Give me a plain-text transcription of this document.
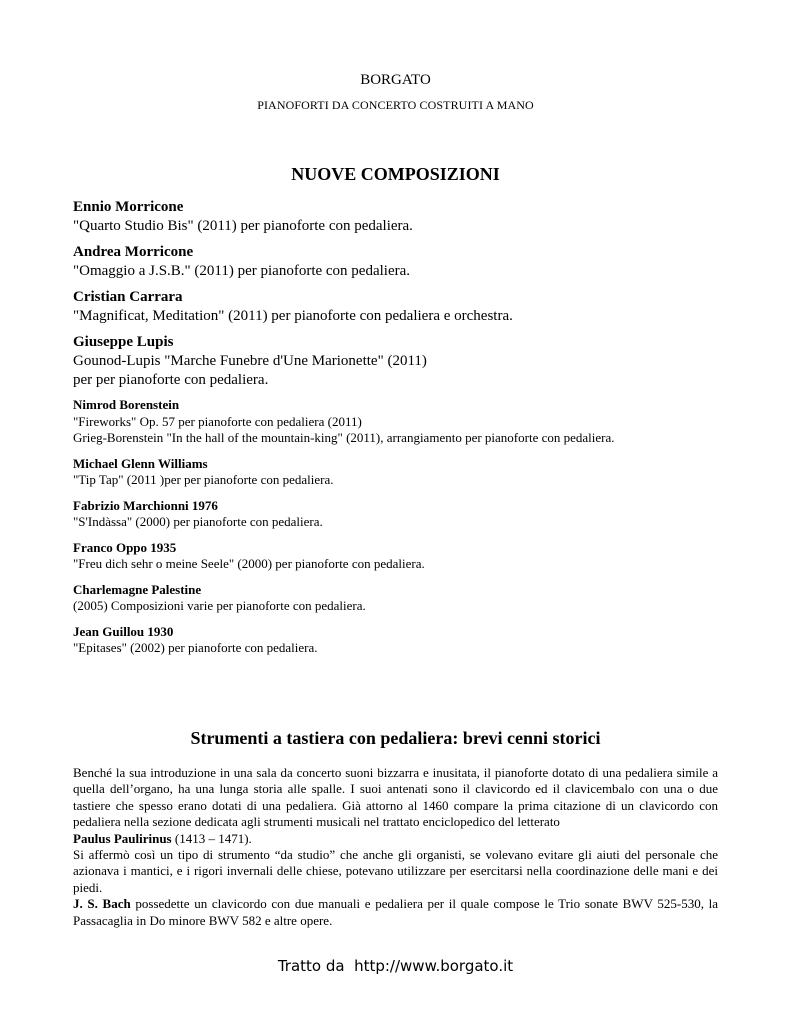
BORGATO
PIANOFORTI DA CONCERTO COSTRUITI A MANO
NUOVE COMPOSIZIONI
Ennio Morricone
"Quarto Studio Bis" (2011) per pianoforte con pedaliera.
Andrea Morricone
"Omaggio a J.S.B." (2011) per pianoforte con pedaliera.
Cristian Carrara
"Magnificat, Meditation" (2011) per pianoforte con pedaliera e orchestra.
Giuseppe Lupis
Gounod-Lupis "Marche Funebre d'Une Marionette" (2011)
per per pianoforte con pedaliera.
Nimrod Borenstein
"Fireworks" Op. 57 per pianoforte con pedaliera (2011)
Grieg-Borenstein "In the hall of the mountain-king" (2011), arrangiamento per pianoforte con pedaliera.
Michael Glenn Williams
"Tip Tap" (2011 )per per pianoforte con pedaliera.
Fabrizio Marchionni 1976
"S'Indàssa" (2000) per pianoforte con pedaliera.
Franco Oppo 1935
"Freu dich sehr o meine Seele" (2000) per pianoforte con pedaliera.
Charlemagne Palestine
(2005) Composizioni varie per pianoforte con pedaliera.
Jean Guillou 1930
"Epitases" (2002) per pianoforte con pedaliera.
Strumenti a tastiera con pedaliera: brevi cenni storici

Benché la sua introduzione in una sala da concerto suoni bizzarra e inusitata, il pianoforte dotato di una pedaliera simile a quella dell’organo, ha una lunga storia alle spalle. I suoi antenati sono il clavicordo ed il clavicembalo con una o due tastiere che spesso erano dotati di una pedaliera. Già attorno al 1460 compare la prima citazione di un clavicordo con pedaliera nella sezione dedicata agli strumenti musicali nel trattato enciclopedico del letterato
Paulus Paulirinus (1413 – 1471).

Si affermò così un tipo di strumento “da studio” che anche gli organisti, se volevano evitare gli aiuti del personale che azionava i mantici, e i rigori invernali delle chiese, potevano utilizzare per esercitarsi nella coordinazione delle mani e dei piedi.

J. S. Bach possedette un clavicordo con due manuali e pedaliera per il quale compose le Trio sonate BWV 525-530, la Passacaglia in Do minore BWV 582 e altre opere.

Tratto da  http://www.borgato.it
